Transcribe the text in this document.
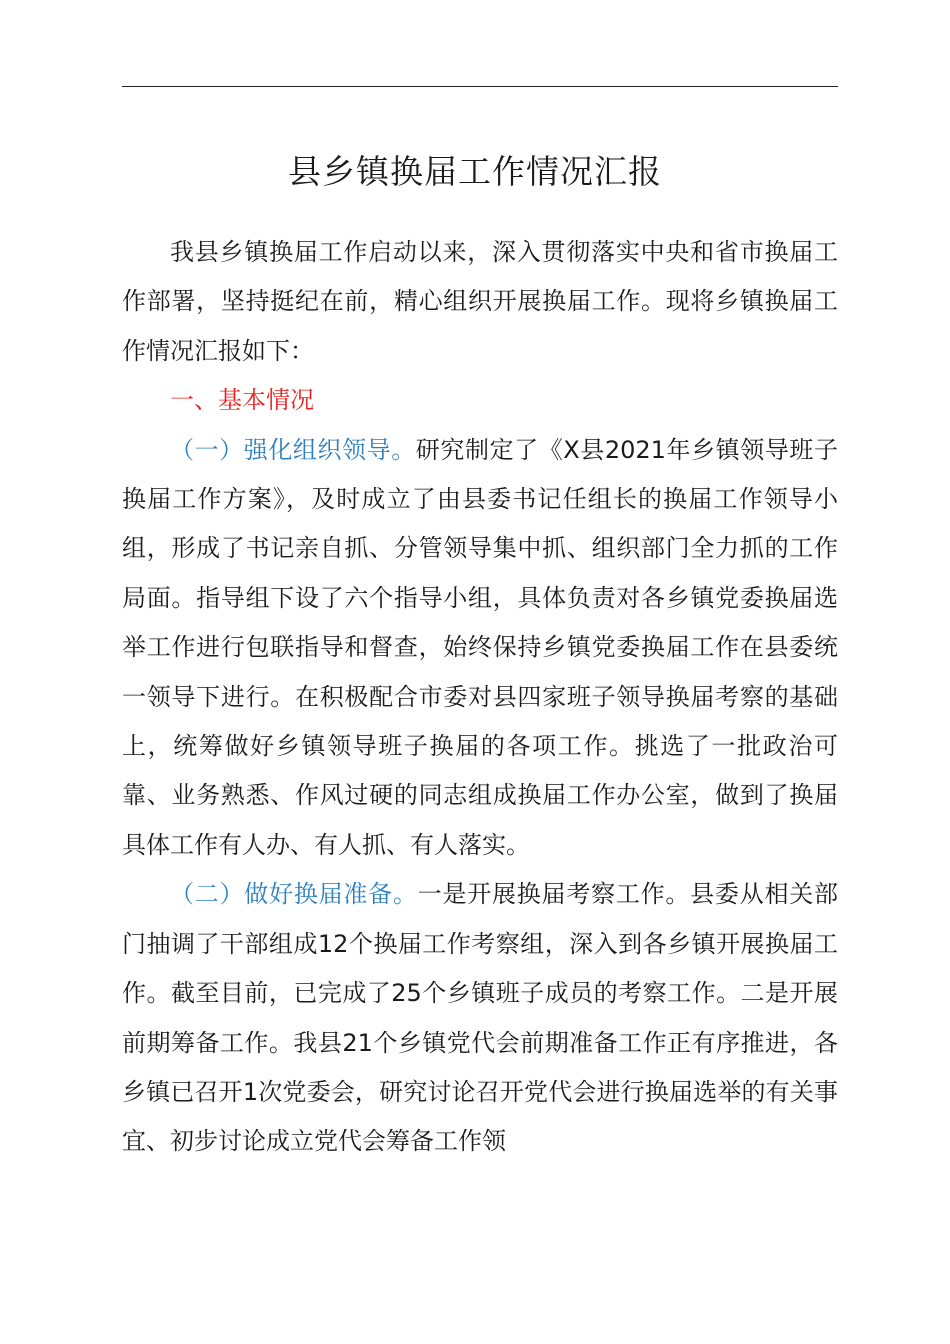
县乡镇换届工作情况汇报

我县乡镇换届工作启动以来，深入贯彻落实中央和省市换届工作部署，坚持挺纪在前，精心组织开展换届工作。现将乡镇换届工作情况汇报如下：

一、基本情况

（一）强化组织领导。研究制定了《X县2021年乡镇领导班子换届工作方案》，及时成立了由县委书记任组长的换届工作领导小组，形成了书记亲自抓、分管领导集中抓、组织部门全力抓的工作局面。指导组下设了六个指导小组，具体负责对各乡镇党委换届选举工作进行包联指导和督查，始终保持乡镇党委换届工作在县委统一领导下进行。在积极配合市委对县四家班子领导换届考察的基础上，统筹做好乡镇领导班子换届的各项工作。挑选了一批政治可靠、业务熟悉、作风过硬的同志组成换届工作办公室，做到了换届具体工作有人办、有人抓、有人落实。

（二）做好换届准备。一是开展换届考察工作。县委从相关部门抽调了干部组成12个换届工作考察组，深入到各乡镇开展换届工作。截至目前，已完成了25个乡镇班子成员的考察工作。二是开展前期筹备工作。我县21个乡镇党代会前期准备工作正有序推进，各乡镇已召开1次党委会，研究讨论召开党代会进行换届选举的有关事宜、初步讨论成立党代会筹备工作领
